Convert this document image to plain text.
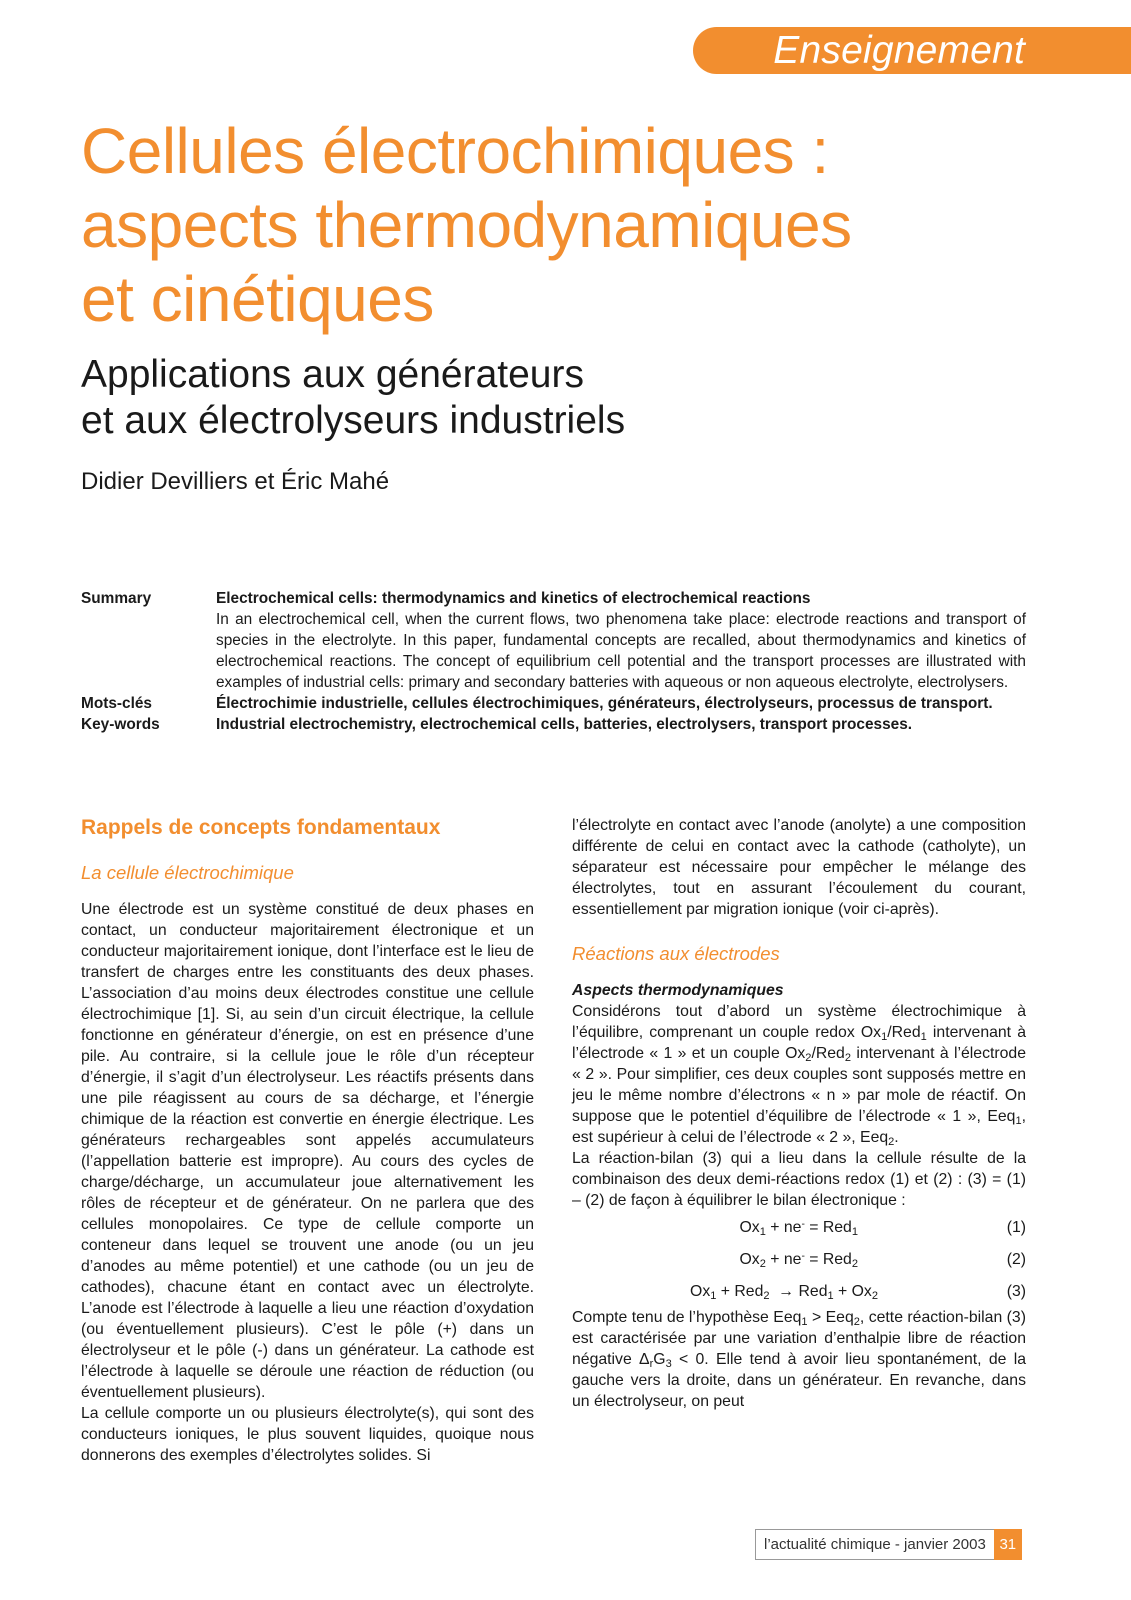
Enseignement
Cellules électrochimiques :
aspects thermodynamiques
et cinétiques
Applications aux générateurs
et aux électrolyseurs industriels
Didier Devilliers et Éric Mahé
Summary	Electrochemical cells: thermodynamics and kinetics of electrochemical reactions
In an electrochemical cell, when the current flows, two phenomena take place: electrode reactions and transport of species in the electrolyte. In this paper, fundamental concepts are recalled, about thermodynamics and kinetics of electrochemical reactions. The concept of equilibrium cell potential and the transport processes are illustrated with examples of industrial cells: primary and secondary batteries with aqueous or non aqueous electrolyte, electrolysers.
Mots-clés	Électrochimie industrielle, cellules électrochimiques, générateurs, électrolyseurs, processus de transport.
Key-words	Industrial electrochemistry, electrochemical cells, batteries, electrolysers, transport processes.
Rappels de concepts fondamentaux
La cellule électrochimique

Une électrode est un système constitué de deux phases en contact, un conducteur majoritairement électronique et un conducteur majoritairement ionique, dont l’interface est le lieu de transfert de charges entre les constituants des deux phases. L’association d’au moins deux électrodes constitue une cellule électrochimique [1]. Si, au sein d’un circuit électrique, la cellule fonctionne en générateur d’énergie, on est en présence d’une pile. Au contraire, si la cellule joue le rôle d’un récepteur d’énergie, il s’agit d’un électrolyseur. Les réactifs présents dans une pile réagissent au cours de sa décharge, et l’énergie chimique de la réaction est convertie en énergie électrique. Les générateurs rechargeables sont appelés accumulateurs (l’appellation batterie est impropre). Au cours des cycles de charge/décharge, un accumulateur joue alternativement les rôles de récepteur et de générateur. On ne parlera que des cellules monopolaires. Ce type de cellule comporte un conteneur dans lequel se trouvent une anode (ou un jeu d’anodes au même potentiel) et une cathode (ou un jeu de cathodes), chacune étant en contact avec un électrolyte. L’anode est l’électrode à laquelle a lieu une réaction d’oxydation (ou éventuellement plusieurs). C’est le pôle (+) dans un électrolyseur et le pôle (-) dans un générateur. La cathode est l’électrode à laquelle se déroule une réaction de réduction (ou éventuellement plusieurs).

La cellule comporte un ou plusieurs électrolyte(s), qui sont des conducteurs ioniques, le plus souvent liquides, quoique nous donnerons des exemples d’électrolytes solides. Si

l’électrolyte en contact avec l’anode (anolyte) a une composition différente de celui en contact avec la cathode (catholyte), un séparateur est nécessaire pour empêcher le mélange des électrolytes, tout en assurant l’écoulement du courant, essentiellement par migration ionique (voir ci-après).

Réactions aux électrodes
Aspects thermodynamiques

Considérons tout d’abord un système électrochimique à l’équilibre, comprenant un couple redox $Ox_1/Red_1$ intervenant à l’électrode « 1 » et un couple $Ox_2/Red_2$ intervenant à l’électrode « 2 ». Pour simplifier, ces deux couples sont supposés mettre en jeu le même nombre d’électrons « n » par mole de réactif. On suppose que le potentiel d’équilibre de l’électrode « 1 », Eeq$_1$, est supérieur à celui de l’électrode « 2 », Eeq$_2$.

La réaction-bilan (3) qui a lieu dans la cellule résulte de la combinaison des deux demi-réactions redox (1) et (2) : (3) = (1) – (2) de façon à équilibrer le bilan électronique :

$Ox_1 + ne^- = Red_1$	(1)
$Ox_2 + ne^- = Red_2$	(2)
$Ox_1 + Red_2 \to Red_1 + Ox_2$	(3)

Compte tenu de l’hypothèse Eeq$_1$ > Eeq$_2$, cette réaction-bilan (3) est caractérisée par une variation d’enthalpie libre de réaction négative $\Delta_rG_3 < 0$. Elle tend à avoir lieu spontanément, de la gauche vers la droite, dans un générateur. En revanche, dans un électrolyseur, on peut

l’actualité chimique - janvier 2003 31
